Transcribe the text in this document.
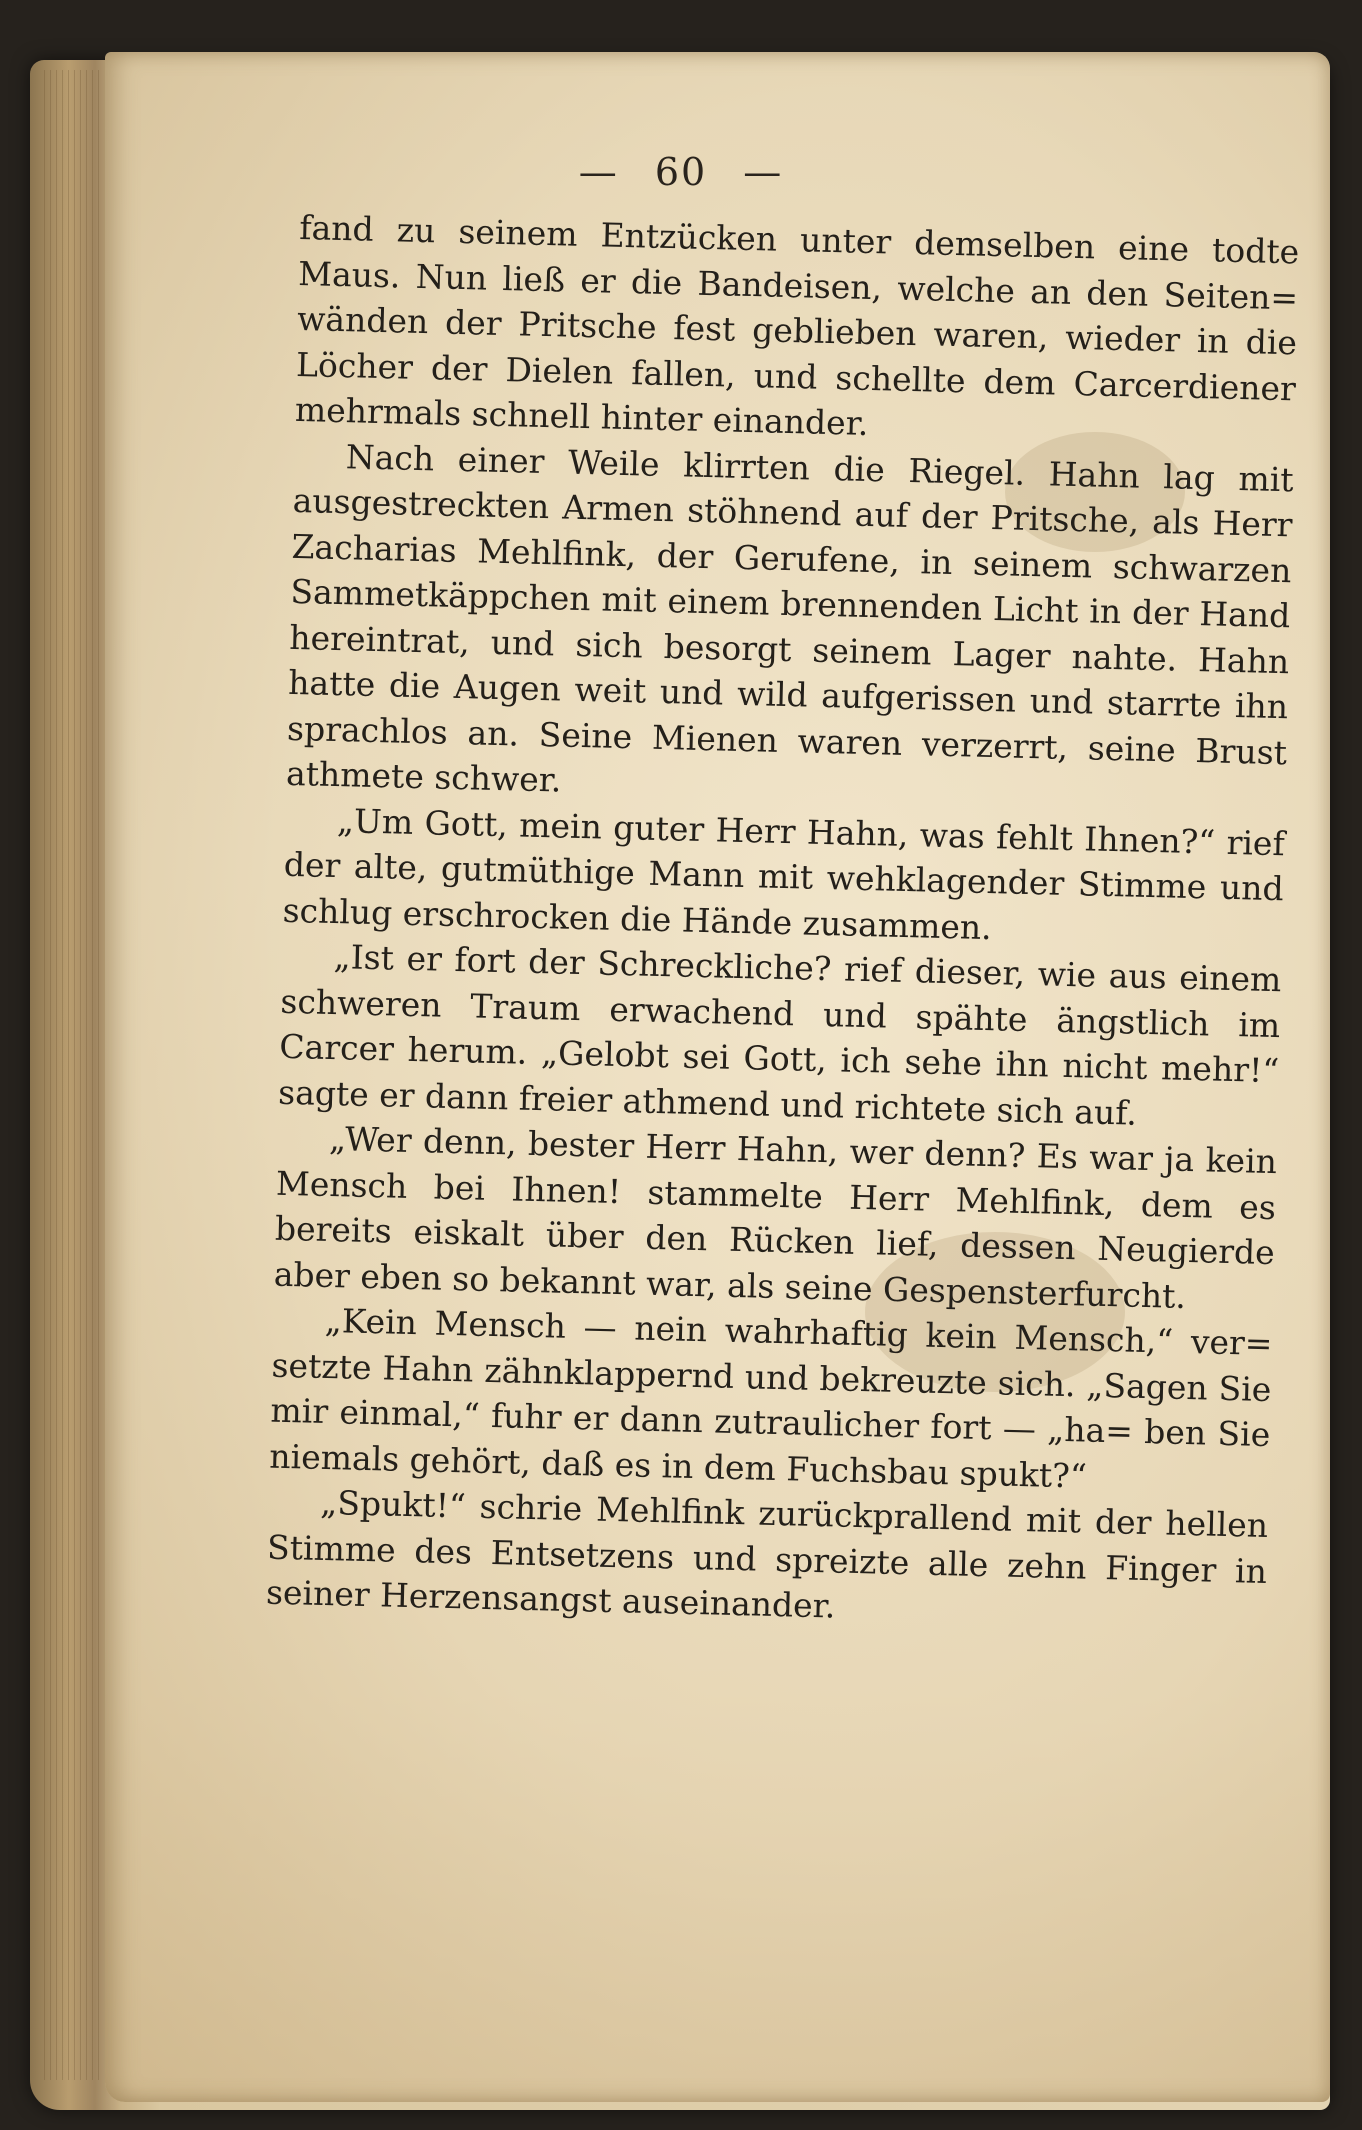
— 60 —

fand zu seinem Entzücken unter demselben eine todte Maus. Nun ließ er die Bandeisen, welche an den Seiten= wänden der Pritsche fest geblieben waren, wieder in die Löcher der Dielen fallen, und schellte dem Carcerdiener mehrmals schnell hinter einander.

Nach einer Weile klirrten die Riegel. Hahn lag mit ausgestreckten Armen stöhnend auf der Pritsche, als Herr Zacharias Mehlfink, der Gerufene, in seinem schwarzen Sammetkäppchen mit einem brennenden Licht in der Hand hereintrat, und sich besorgt seinem Lager nahte. Hahn hatte die Augen weit und wild aufgerissen und starrte ihn sprachlos an. Seine Mienen waren verzerrt, seine Brust athmete schwer.

„Um Gott, mein guter Herr Hahn, was fehlt Ihnen?“ rief der alte, gutmüthige Mann mit wehklagender Stimme und schlug erschrocken die Hände zusammen.

„Ist er fort der Schreckliche? rief dieser, wie aus einem schweren Traum erwachend und spähte ängstlich im Carcer herum. „Gelobt sei Gott, ich sehe ihn nicht mehr!“ sagte er dann freier athmend und richtete sich auf.

„Wer denn, bester Herr Hahn, wer denn? Es war ja kein Mensch bei Ihnen! stammelte Herr Mehlfink, dem es bereits eiskalt über den Rücken lief, dessen Neugierde aber eben so bekannt war, als seine Gespensterfurcht.

„Kein Mensch — nein wahrhaftig kein Mensch,“ ver= setzte Hahn zähnklappernd und bekreuzte sich. „Sagen Sie mir einmal,“ fuhr er dann zutraulicher fort — „ha= ben Sie niemals gehört, daß es in dem Fuchsbau spukt?“

„Spukt!“ schrie Mehlfink zurückprallend mit der hellen Stimme des Entsetzens und spreizte alle zehn Finger in seiner Herzensangst auseinander.
